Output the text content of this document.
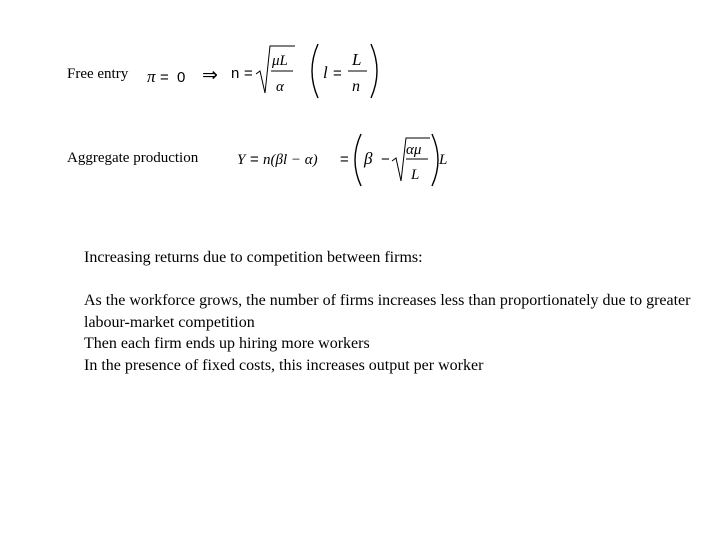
Free entry π = 0 ⇒ n =
μL
α
l =
L
n
Aggregate production	Y = n(βl − α) = β −
αμ
L
L

Increasing returns due to competition between firms:

As the workforce grows, the number of firms increases less than proportionately due to greater labour-market competition

Then each firm ends up hiring more workers

In the presence of fixed costs, this increases output per worker
